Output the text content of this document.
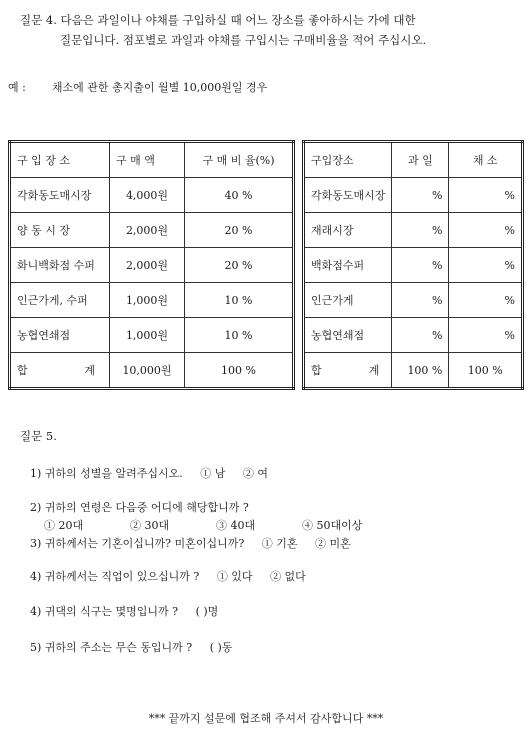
질문 4. 다음은 과일이나 야채를 구입하실 때 어느 장소를 좋아하시는 가에 대한
질문입니다. 점포별로 과일과 야채를 구입시는 구매비율을 적어 주십시오.
예 : 채소에 관한 총지출이 월별 10,000원일 경우
구 입 장 소	구 매 액	구 매 비 율(%)
각화동도매시장	4,000원	40 %
양 동 시 장	2,000원	20 %
화니백화점 수퍼	2,000원	20 %
인근가게, 수퍼	1,000원	10 %
농협연쇄점	1,000원	10 %
합 계	10,000원	100 %
구입장소	과 일	채 소
각화동도매시장	%	%
재래시장	%	%
백화점수퍼	%	%
인근가게	%	%
농협연쇄점	%	%
합 계	100 %	100 %
질문 5.
1) 귀하의 성별을 알려주십시오. ① 남 ② 여
2) 귀하의 연령은 다음중 어디에 해당합니까 ?
① 20대	② 30대	③ 40대	④ 50대이상
3) 귀하께서는 기혼이십니까? 미혼이십니까? ① 기혼 ② 미혼
4) 귀하께서는 직업이 있으십니까 ? ① 있다 ② 없다
4) 귀댁의 식구는 몇명입니까 ? ( )명
5) 귀하의 주소는 무슨 동입니까 ? ( )동
*** 끝까지 설문에 협조해 주셔서 감사합니다 ***
